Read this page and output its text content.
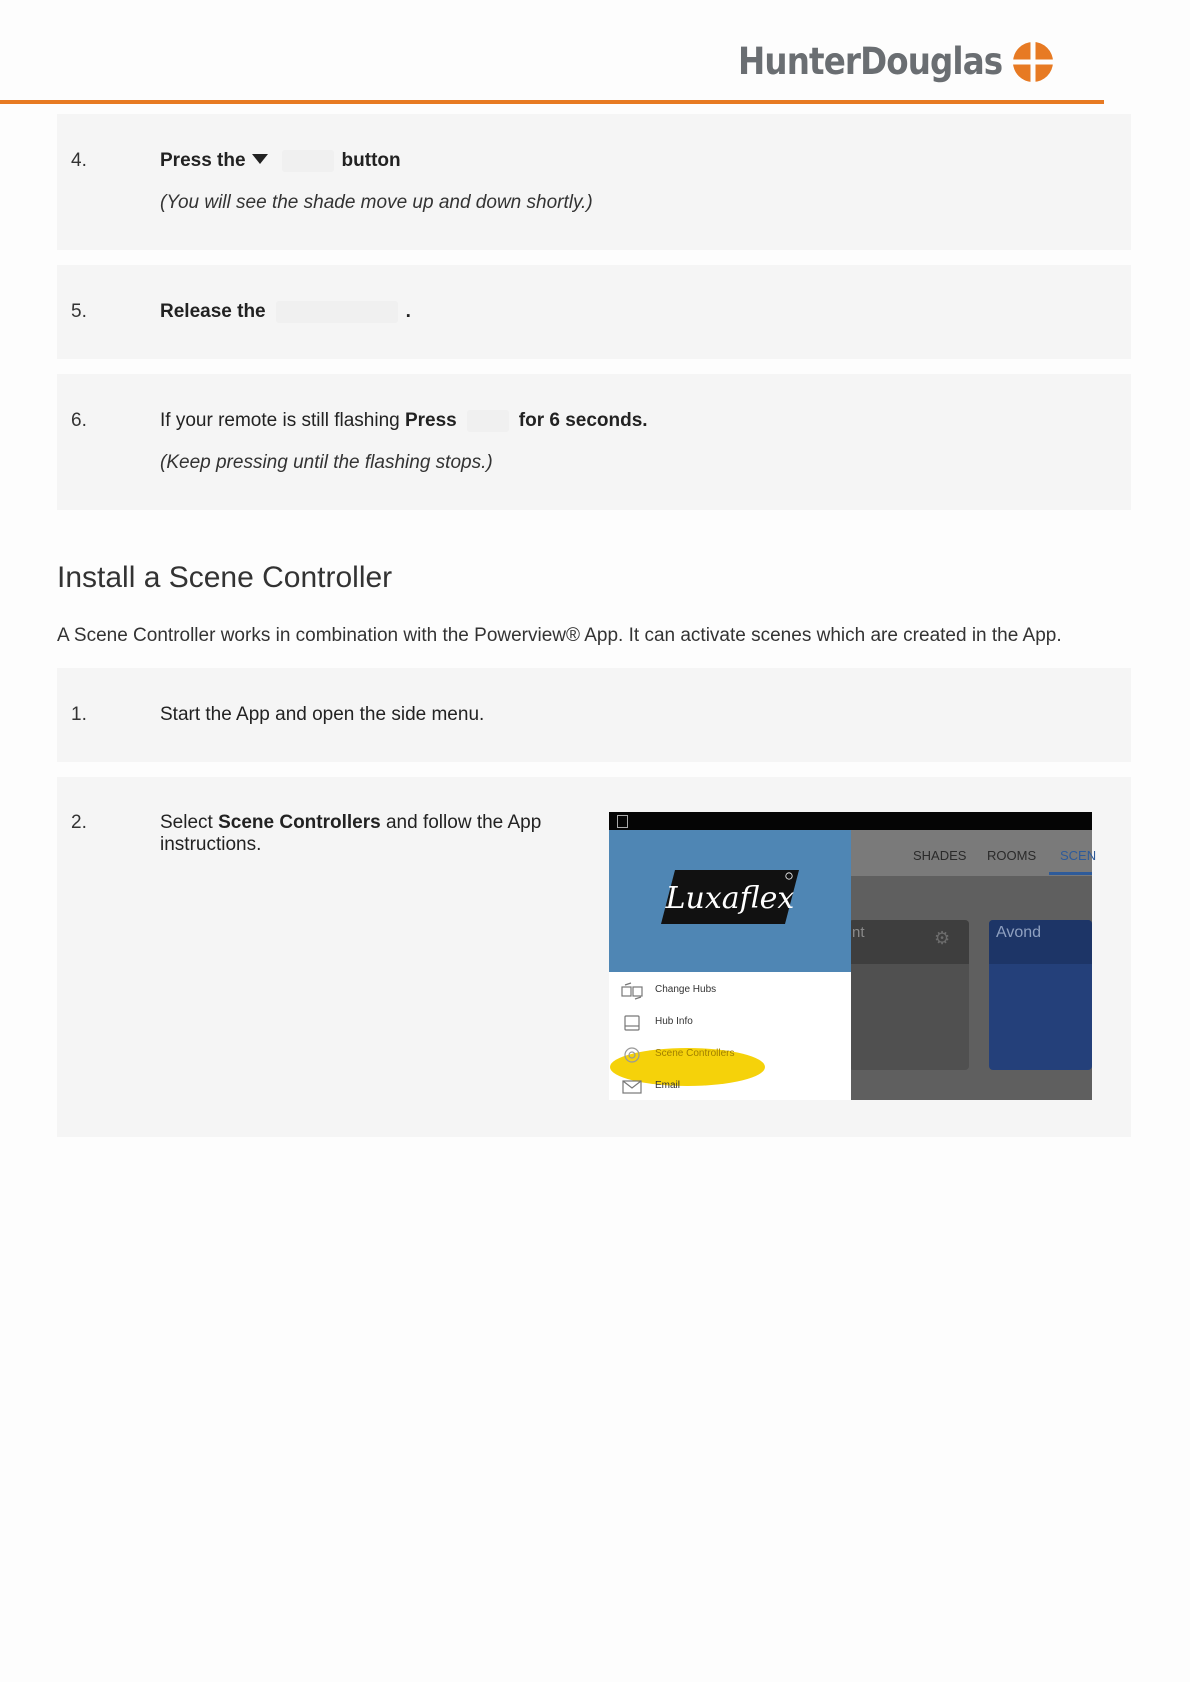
HunterDouglas
4.	Press the	button
(You will see the shade move up and down shortly.)
5.	Release the	.
6.	If your remote is still flashing Press	for 6 seconds.
(Keep pressing until the flashing stops.)
Install a Scene Controller
A Scene Controller works in combination with the Powerview® App. It can activate scenes which are created in the App.
1.	Start the App and open the side menu.
2.	Select Scene Controllers and follow the App instructions.
SHADES ROOMS SCEN
nt	⚙	Avond
Luxaflex
Change Hubs
Hub Info
Scene Controllers
Email
